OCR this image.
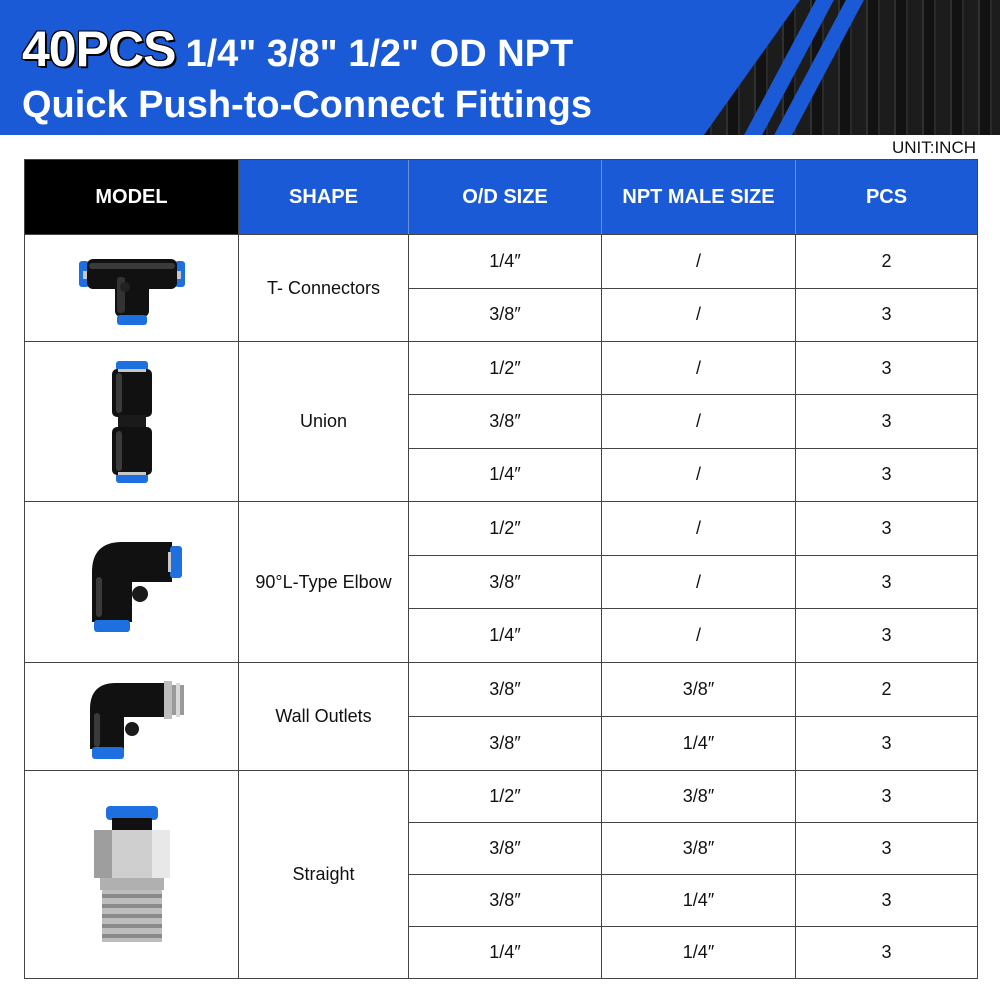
40PCS 1/4" 3/8" 1/2" OD NPT
Quick Push-to-Connect Fittings
UNIT:INCH
MODEL	SHAPE	O/D SIZE	NPT MALE SIZE	PCS
T- Connectors
1/4″	/	2
3/8″	/	3
Union
1/2″	/	3
3/8″	/	3
1/4″	/	3
90°L-Type Elbow
1/2″	/	3
3/8″	/	3
1/4″	/	3
Wall Outlets
3/8″	3/8″	2
3/8″	1/4″	3
Straight
1/2″	3/8″	3
3/8″	3/8″	3
3/8″	1/4″	3
1/4″	1/4″	3
